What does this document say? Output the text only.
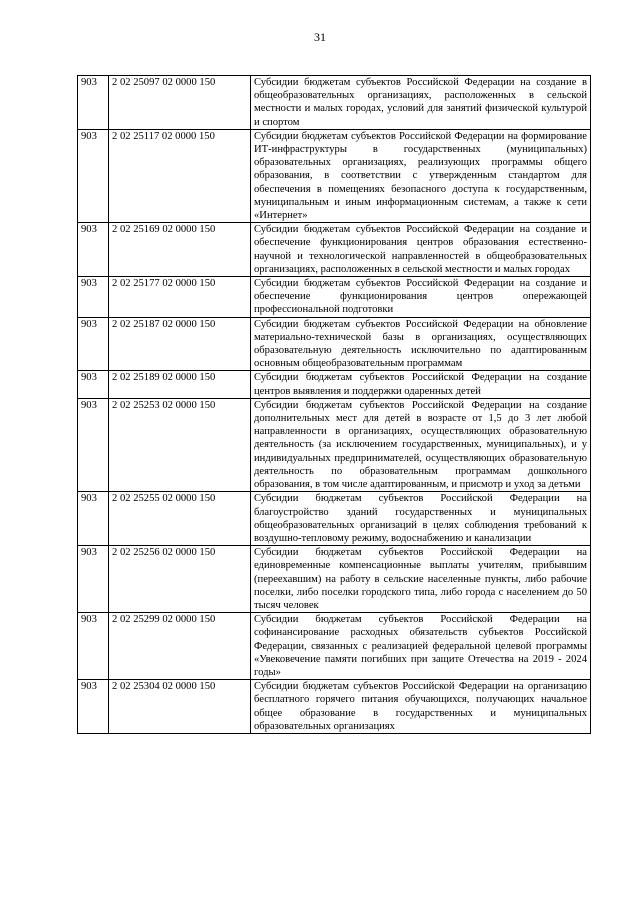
31
903	2 02 25097 02 0000 150	Субсидии бюджетам субъектов Российской Федерации на создание в общеобразовательных организациях, расположенных в сельской местности и малых городах, условий для занятий физической культурой и спортом
903	2 02 25117 02 0000 150	Субсидии бюджетам субъектов Российской Федерации на формирование ИТ-инфраструктуры в государственных (муниципальных) образовательных организациях, реализующих программы общего образования, в соответствии с утвержденным стандартом для обеспечения в помещениях безопасного доступа к государственным, муниципальным и иным информационным системам, а также к сети «Интернет»
903	2 02 25169 02 0000 150	Субсидии бюджетам субъектов Российской Федерации на создание и обеспечение функционирования центров образования естественно-научной и технологической направленностей в общеобразовательных организациях, расположенных в сельской местности и малых городах
903	2 02 25177 02 0000 150	Субсидии бюджетам субъектов Российской Федерации на создание и обеспечение функционирования центров опережающей профессиональной подготовки
903	2 02 25187 02 0000 150	Субсидии бюджетам субъектов Российской Федерации на обновление материально-технической базы в организациях, осуществляющих образовательную деятельность исключительно по адаптированным основным общеобразовательным программам
903	2 02 25189 02 0000 150	Субсидии бюджетам субъектов Российской Федерации на создание центров выявления и поддержки одаренных детей
903	2 02 25253 02 0000 150	Субсидии бюджетам субъектов Российской Федерации на создание дополнительных мест для детей в возрасте от 1,5 до 3 лет любой направленности в организациях, осуществляющих образовательную деятельность (за исключением государственных, муниципальных), и у индивидуальных предпринимателей, осуществляющих образовательную деятельность по образовательным программам дошкольного образования, в том числе адаптированным, и присмотр и уход за детьми
903	2 02 25255 02 0000 150	Субсидии бюджетам субъектов Российской Федерации на благоустройство зданий государственных и муниципальных общеобразовательных организаций в целях соблюдения требований к воздушно-тепловому режиму, водоснабжению и канализации
903	2 02 25256 02 0000 150	Субсидии бюджетам субъектов Российской Федерации на единовременные компенсационные выплаты учителям, прибывшим (переехавшим) на работу в сельские населенные пункты, либо рабочие поселки, либо поселки городского типа, либо города с населением до 50 тысяч человек
903	2 02 25299 02 0000 150	Субсидии бюджетам субъектов Российской Федерации на софинансирование расходных обязательств субъектов Российской Федерации, связанных с реализацией федеральной целевой программы «Увековечение памяти погибших при защите Отечества на 2019 - 2024 годы»
903	2 02 25304 02 0000 150	Субсидии бюджетам субъектов Российской Федерации на организацию бесплатного горячего питания обучающихся, получающих начальное общее образование в государственных и муниципальных образовательных организациях
